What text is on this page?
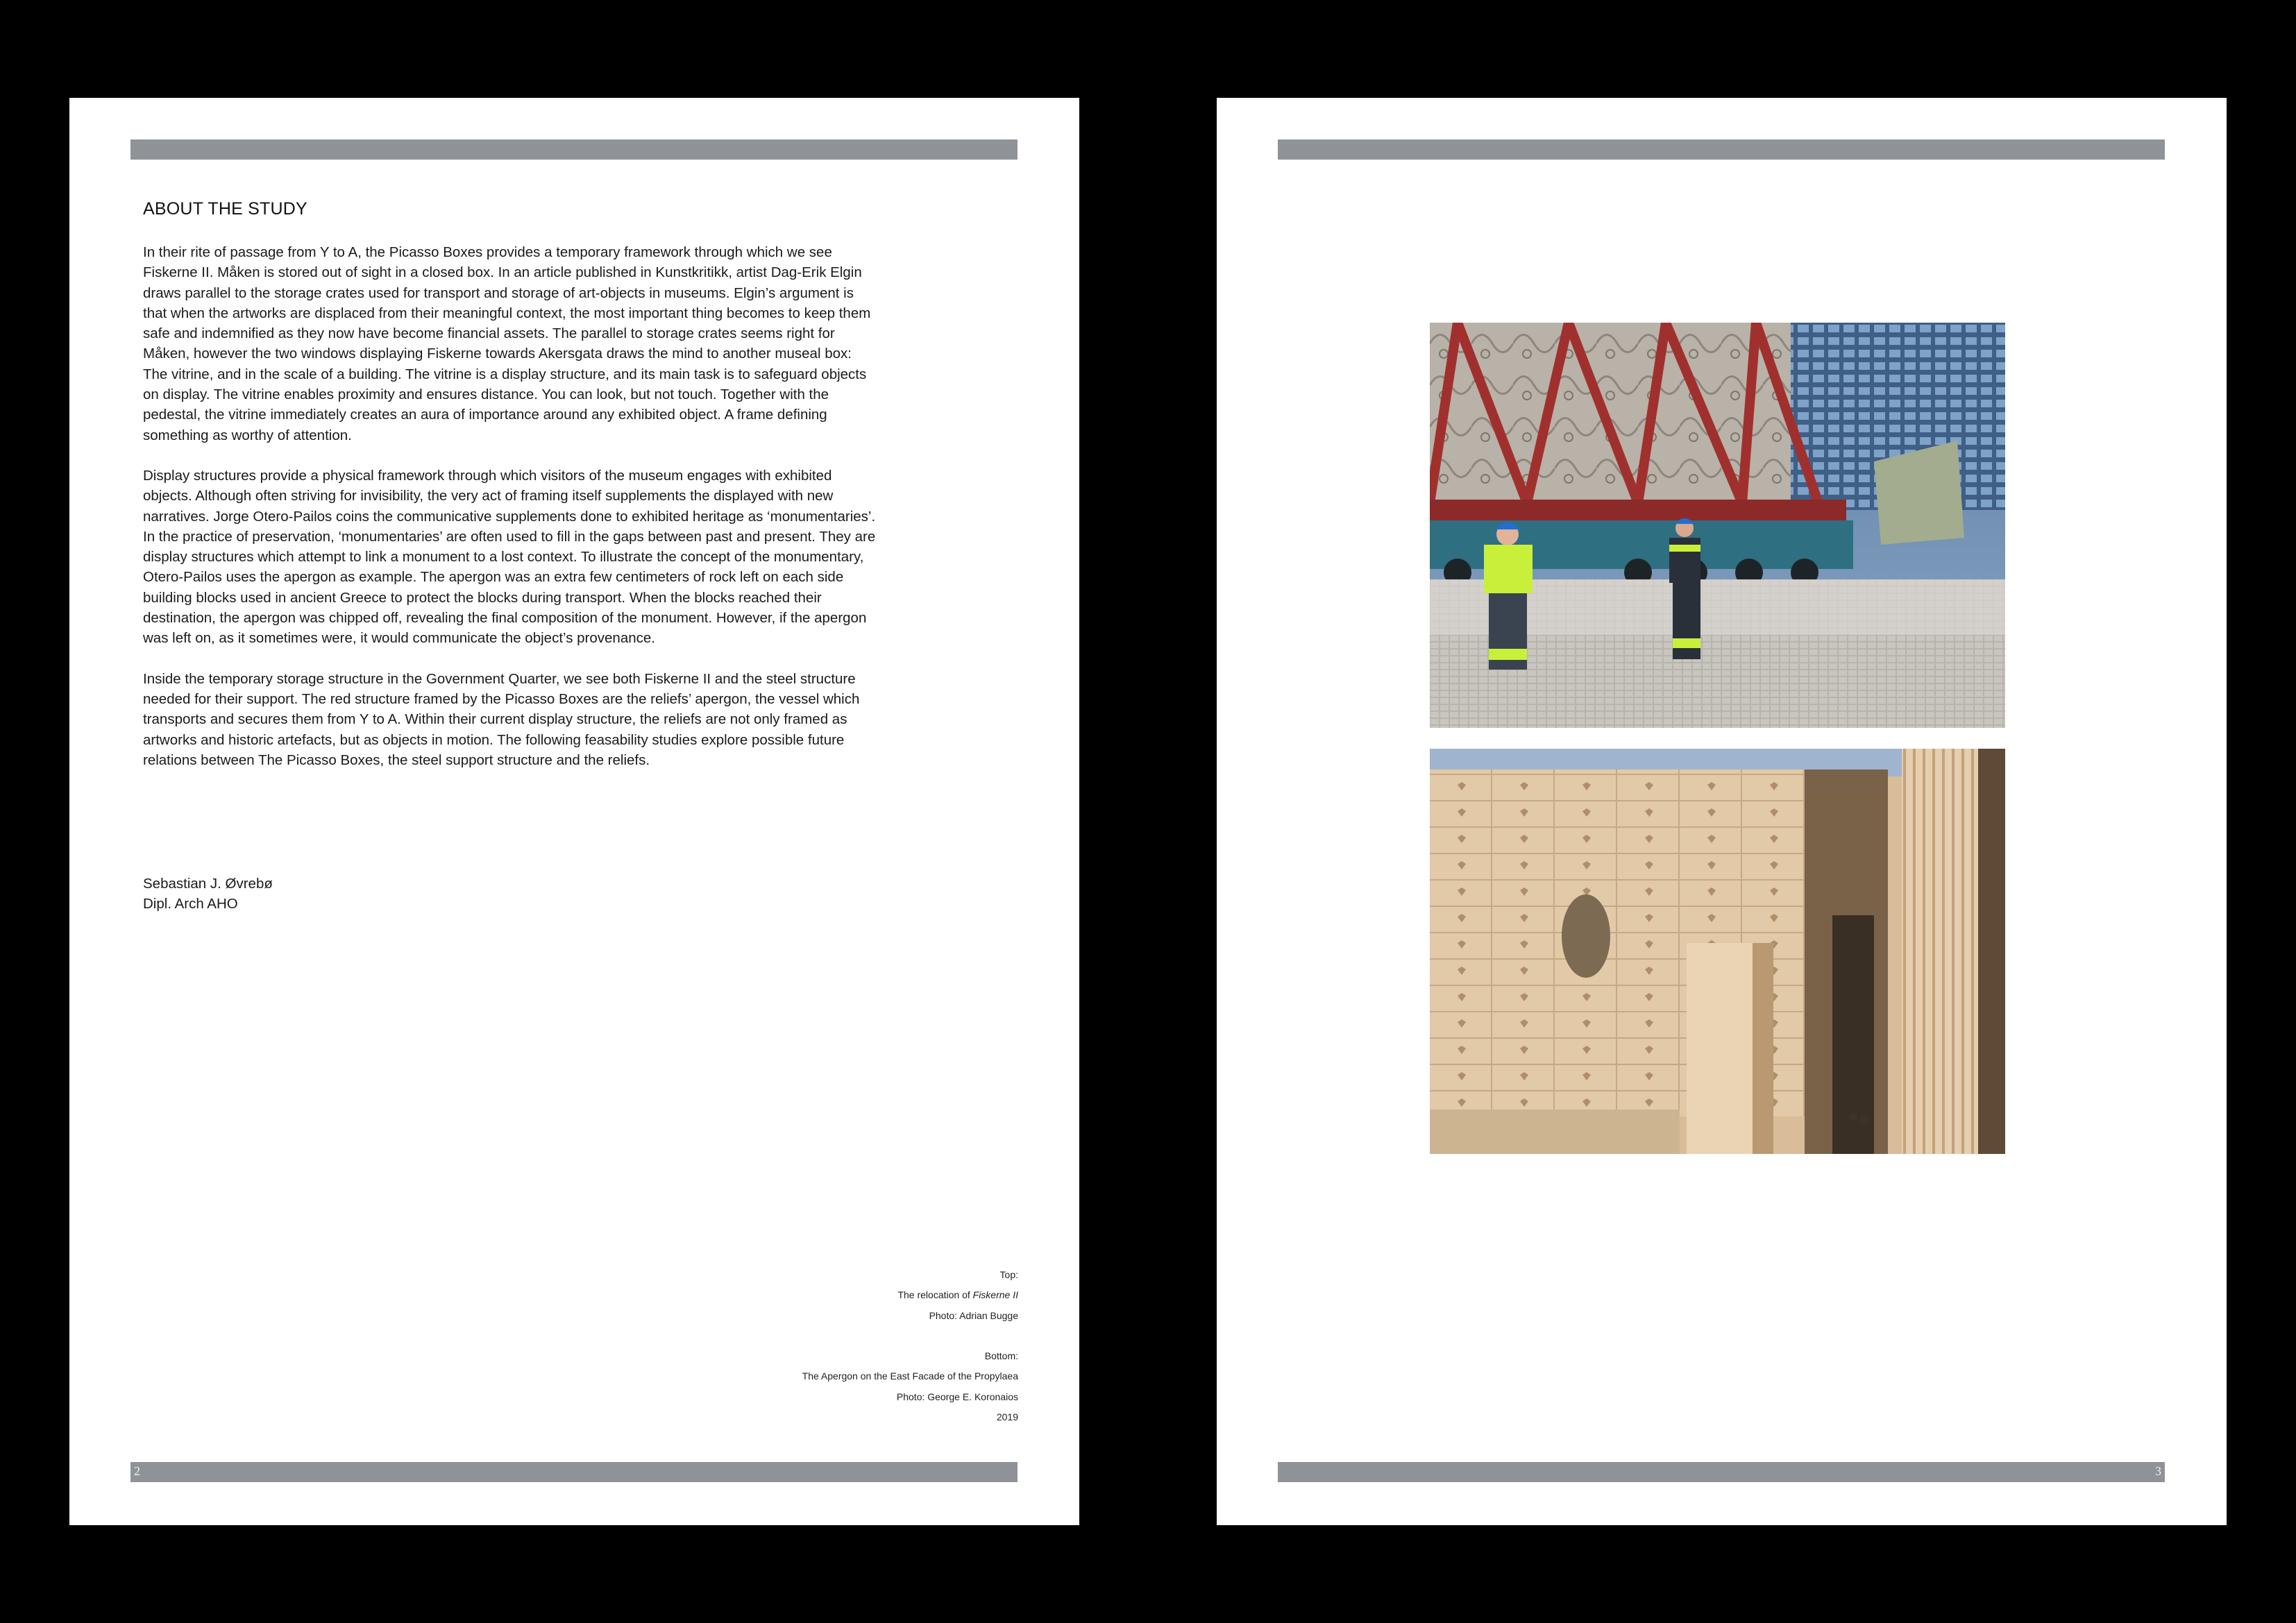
ABOUT THE STUDY

In their rite of passage from Y to A, the Picasso Boxes provides a temporary framework through which we see Fiskerne II. Måken is stored out of sight in a closed box. In an article published in Kunstkritikk, artist Dag-Erik Elgin draws parallel to the storage crates used for transport and storage of art-objects in museums. Elgin’s argument is that when the artworks are displaced from their meaningful context, the most important thing becomes to keep them safe and indemnified as they now have become financial assets. The parallel to storage crates seems right for Måken, however the two windows displaying Fiskerne towards Akersgata draws the mind to another museal box: The vitrine, and in the scale of a building. The vitrine is a display structure, and its main task is to safeguard objects on display. The vitrine enables proximity and ensures distance. You can look, but not touch. Together with the pedestal, the vitrine immediately creates an aura of importance around any exhibited object. A frame defining something as worthy of attention.

Display structures provide a physical framework through which visitors of the museum engages with exhibited objects. Although often striving for invisibility, the very act of framing itself supplements the displayed with new narratives. Jorge Otero-Pailos coins the communicative supplements done to exhibited heritage as ‘monumentaries’. In the practice of preservation, ‘monumentaries’ are often used to fill in the gaps between past and present. They are display structures which attempt to link a monument to a lost context. To illustrate the concept of the monumentary, Otero-Pailos uses the apergon as example. The apergon was an extra few centimeters of rock left on each side building blocks used in ancient Greece to protect the blocks during transport. When the blocks reached their destination, the apergon was chipped off, revealing the final composition of the monument. However, if the apergon was left on, as it sometimes were, it would communicate the object’s provenance.

Inside the temporary storage structure in the Government Quarter, we see both Fiskerne II and the steel structure needed for their support. The red structure framed by the Picasso Boxes are the reliefs’ apergon, the vessel which transports and secures them from Y to A. Within their current display structure, the reliefs are not only framed as artworks and historic artefacts, but as objects in motion. The following feasability studies explore possible future relations between The Picasso Boxes, the steel support structure and the reliefs.

Sebastian J. Øvrebø
Dipl. Arch AHO
Top:
The relocation of Fiskerne II
Photo: Adrian Bugge
Bottom:
The Apergon on the East Facade of the Propylaea
Photo: George E. Koronaios
2019
2	3
